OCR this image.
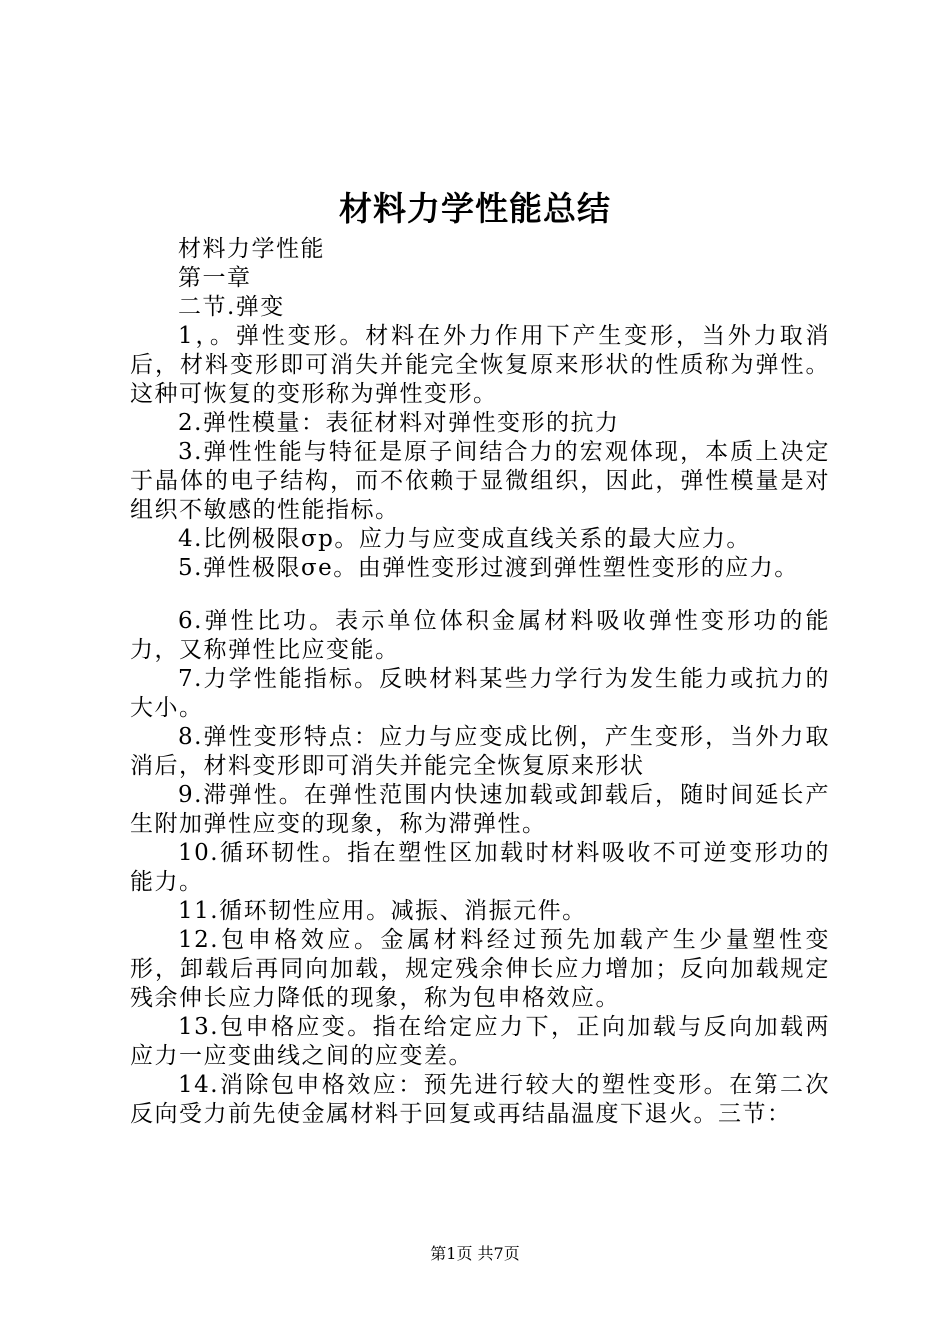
材料力学性能总结

材料力学性能

第一章

二节.弹变

1，。弹性变形。材料在外力作用下产生变形，当外力取消后，材料变形即可消失并能完全恢复原来形状的性质称为弹性。这种可恢复的变形称为弹性变形。

2.弹性模量：表征材料对弹性变形的抗力

3.弹性性能与特征是原子间结合力的宏观体现，本质上决定于晶体的电子结构，而不依赖于显微组织，因此，弹性模量是对组织不敏感的性能指标。

4.比例极限σp。应力与应变成直线关系的最大应力。

5.弹性极限σe。由弹性变形过渡到弹性塑性变形的应力。

6.弹性比功。表示单位体积金属材料吸收弹性变形功的能力，又称弹性比应变能。

7.力学性能指标。反映材料某些力学行为发生能力或抗力的大小。

8.弹性变形特点：应力与应变成比例，产生变形，当外力取消后，材料变形即可消失并能完全恢复原来形状

9.滞弹性。在弹性范围内快速加载或卸载后，随时间延长产生附加弹性应变的现象，称为滞弹性。

10.循环韧性。指在塑性区加载时材料吸收不可逆变形功的能力。

11.循环韧性应用。减振、消振元件。

12.包申格效应。金属材料经过预先加载产生少量塑性变形，卸载后再同向加载，规定残余伸长应力增加；反向加载规定残余伸长应力降低的现象，称为包申格效应。

13.包申格应变。指在给定应力下，正向加载与反向加载两应力一应变曲线之间的应变差。

14.消除包申格效应：预先进行较大的塑性变形。在第二次反向受力前先使金属材料于回复或再结晶温度下退火。三节：

第1页 共7页
